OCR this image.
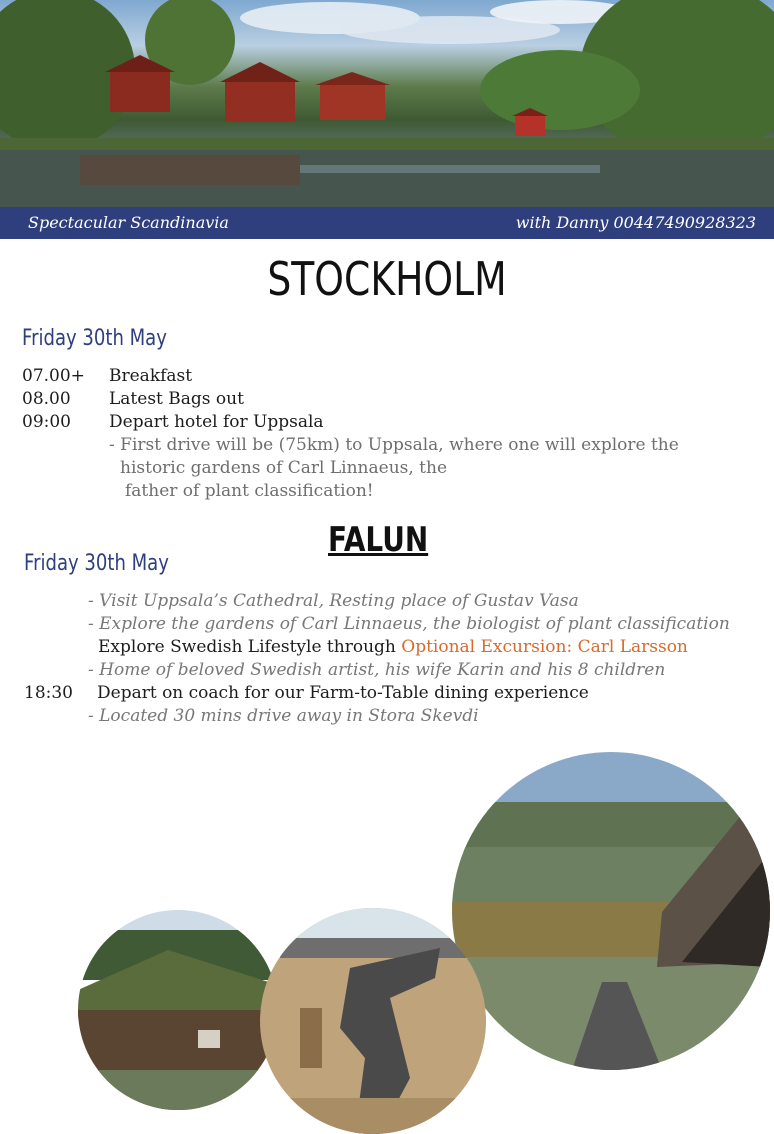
Spectacular Scandinavia	with Danny 00447490928323
STOCKHOLM
Friday 30th May
07.00+ Breakfast
08.00 Latest Bags out
09:00 Depart hotel for Uppsala
- First drive will be (75km) to Uppsala, where one will explore the
historic gardens of Carl Linnaeus, the
father of plant classification!
FALUN
Friday 30th May
- Visit Uppsala’s Cathedral, Resting place of Gustav Vasa
- Explore the gardens of Carl Linnaeus, the biologist of plant classification
Explore Swedish Lifestyle through Optional Excursion: Carl Larsson
- Home of beloved Swedish artist, his wife Karin and his 8 children
18:30 Depart on coach for our Farm-to-Table dining experience
- Located 30 mins drive away in Stora Skevdi
